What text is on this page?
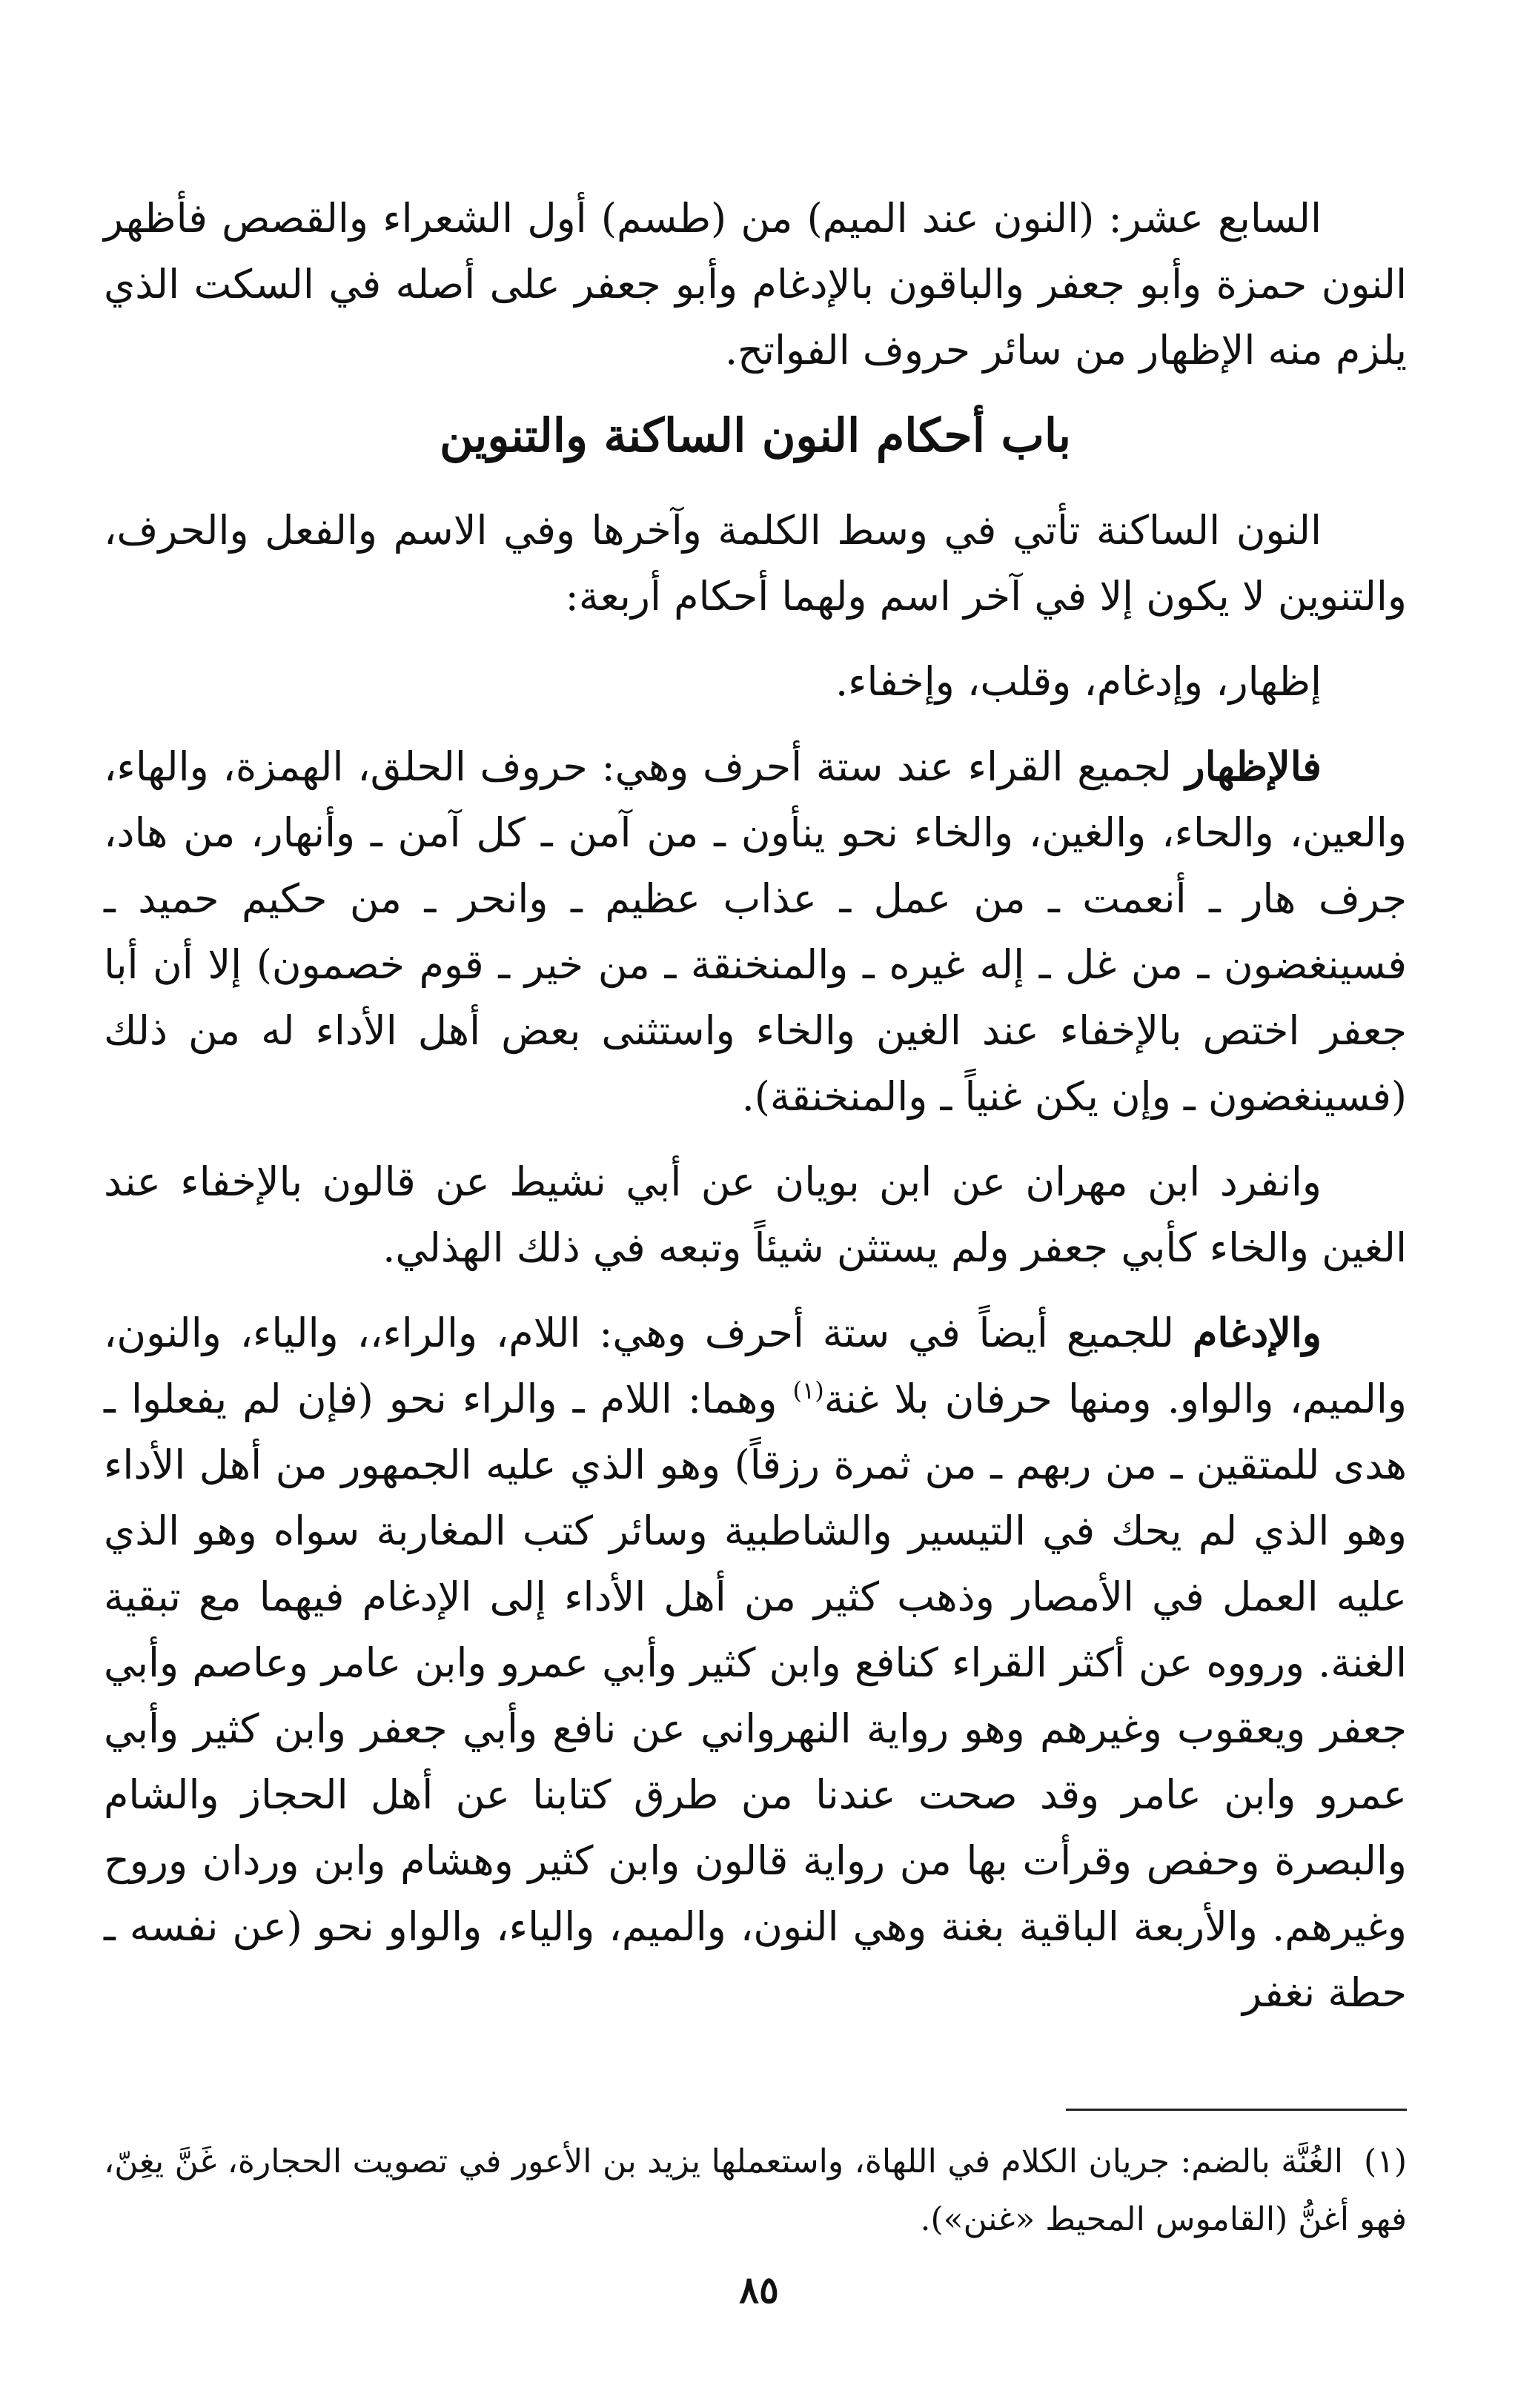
السابع عشر: (النون عند الميم) من (طسم) أول الشعراء والقصص فأظهر النون حمزة وأبو جعفر والباقون بالإدغام وأبو جعفر على أصله في السكت الذي يلزم منه الإظهار من سائر حروف الفواتح.

باب أحكام النون الساكنة والتنوين

النون الساكنة تأتي في وسط الكلمة وآخرها وفي الاسم والفعل والحرف، والتنوين لا يكون إلا في آخر اسم ولهما أحكام أربعة:

إظهار، وإدغام، وقلب، وإخفاء.

فالإظهار لجميع القراء عند ستة أحرف وهي: حروف الحلق، الهمزة، والهاء، والعين، والحاء، والغين، والخاء نحو ينأون ـ من آمن ـ كل آمن ـ وأنهار، من هاد، جرف هار ـ أنعمت ـ من عمل ـ عذاب عظيم ـ وانحر ـ من حكيم حميد ـ فسينغضون ـ من غل ـ إله غيره ـ والمنخنقة ـ من خير ـ قوم خصمون) إلا أن أبا جعفر اختص بالإخفاء عند الغين والخاء واستثنى بعض أهل الأداء له من ذلك (فسينغضون ـ وإن يكن غنياً ـ والمنخنقة).

وانفرد ابن مهران عن ابن بويان عن أبي نشيط عن قالون بالإخفاء عند الغين والخاء كأبي جعفر ولم يستثن شيئاً وتبعه في ذلك الهذلي.

والإدغام للجميع أيضاً في ستة أحرف وهي: اللام، والراء،، والياء، والنون، والميم، والواو. ومنها حرفان بلا غنة$^{(١)}$ وهما: اللام ـ والراء نحو (فإن لم يفعلوا ـ هدى للمتقين ـ من ربهم ـ من ثمرة رزقاً) وهو الذي عليه الجمهور من أهل الأداء وهو الذي لم يحك في التيسير والشاطبية وسائر كتب المغاربة سواه وهو الذي عليه العمل في الأمصار وذهب كثير من أهل الأداء إلى الإدغام فيهما مع تبقية الغنة. ورووه عن أكثر القراء كنافع وابن كثير وأبي عمرو وابن عامر وعاصم وأبي جعفر ويعقوب وغيرهم وهو رواية النهرواني عن نافع وأبي جعفر وابن كثير وأبي عمرو وابن عامر وقد صحت عندنا من طرق كتابنا عن أهل الحجاز والشام والبصرة وحفص وقرأت بها من رواية قالون وابن كثير وهشام وابن وردان وروح وغيرهم. والأربعة الباقية بغنة وهي النون، والميم، والياء، والواو نحو (عن نفسه ـ حطة نغفر

(١)الغُنَّة بالضم: جريان الكلام في اللهاة، واستعملها يزيد بن الأعور في تصويت الحجارة، غَنَّ يغِنّ، فهو أغنُّ (القاموس المحيط «غنن»).
٨٥
